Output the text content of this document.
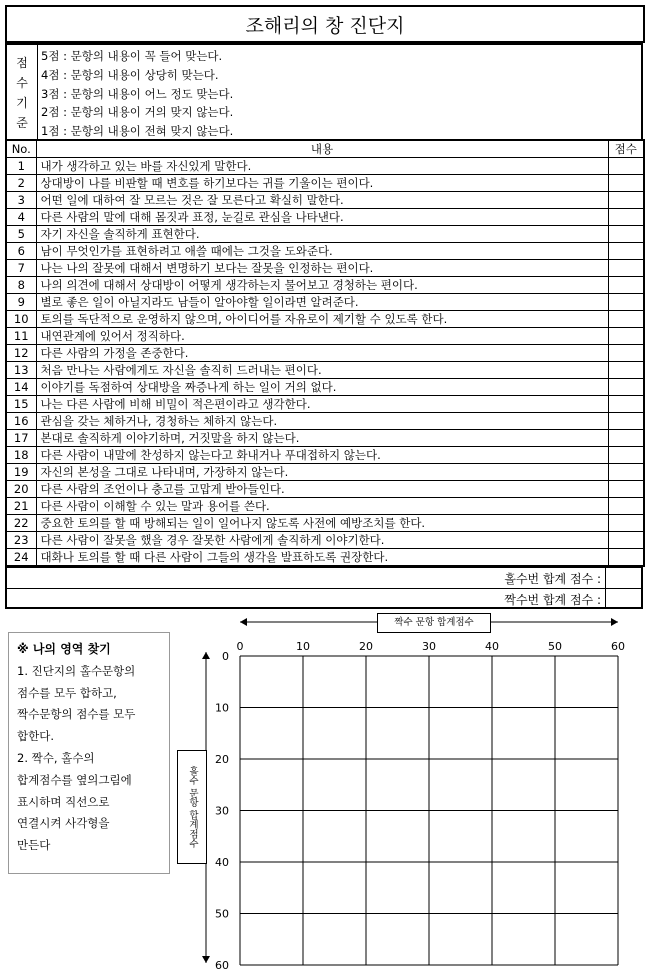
조해리의 창 진단지
점
수
기
준
5점 : 문항의 내용이 꼭 들어 맞는다.
4점 : 문항의 내용이 상당히 맞는다.
3점 : 문항의 내용이 어느 정도 맞는다.
2점 : 문항의 내용이 거의 맞지 않는다.
1점 : 문항의 내용이 전혀 맞지 않는다.
No.	내용	점수
1	내가 생각하고 있는 바를 자신있게 말한다.	
2	상대방이 나를 비판할 때 변호를 하기보다는 귀를 기울이는 편이다.	
3	어떤 일에 대하여 잘 모르는 것은 잘 모른다고 확실히 말한다.	
4	다른 사람의 말에 대해 몸짓과 표정, 눈길로 관심을 나타낸다.	
5	자기 자신을 솔직하게 표현한다.	
6	남이 무엇인가를 표현하려고 애쓸 때에는 그것을 도와준다.	
7	나는 나의 잘못에 대해서 변명하기 보다는 잘못을 인정하는 편이다.	
8	나의 의견에 대해서 상대방이 어떻게 생각하는지 물어보고 경청하는 편이다.	
9	별로 좋은 일이 아닐지라도 남들이 알아야할 일이라면 알려준다.	
10	토의를 독단적으로 운영하지 않으며, 아이디어를 자유로이 제기할 수 있도록 한다.	
11	내연관계에 있어서 정직하다.	
12	다른 사람의 가정을 존중한다.	
13	처음 만나는 사람에게도 자신을 솔직히 드러내는 편이다.	
14	이야기를 독점하여 상대방을 짜증나게 하는 일이 거의 없다.	
15	나는 다른 사람에 비해 비밀이 적은편이라고 생각한다.	
16	관심을 갖는 체하거나, 경청하는 체하지 않는다.	
17	본대로 솔직하게 이야기하며, 거짓말을 하지 않는다.	
18	다른 사람이 내말에 찬성하지 않는다고 화내거나 푸대접하지 않는다.	
19	자신의 본성을 그대로 나타내며, 가장하지 않는다.	
20	다른 사람의 조언이나 충고를 고맙게 받아들인다.	
21	다른 사람이 이해할 수 있는 말과 용어를 쓴다.	
22	중요한 토의를 할 때 방해되는 일이 일어나지 않도록 사전에 예방조치를 한다.	
23	다른 사람이 잘못을 했을 경우 잘못한 사람에게 솔직하게 이야기한다.	
24	대화나 토의를 할 때 다른 사람이 그들의 생각을 발표하도록 권장한다.	
홀수번 합계 점수 :
짝수번 합계 점수 :
※ 나의 영역 찾기
1. 진단지의 홀수문항의
점수를 모두 합하고,
짝수문항의 점수를 모두
합한다.
2. 짝수, 홀수의
합계점수를 옆의그림에
표시하며 직선으로
연결시켜 사각형을
만든다
0	10	20	30	40	50	60
0
10
20
30
40
50
60
짝수 문항 합계점수
홀수 문항 합계점수
